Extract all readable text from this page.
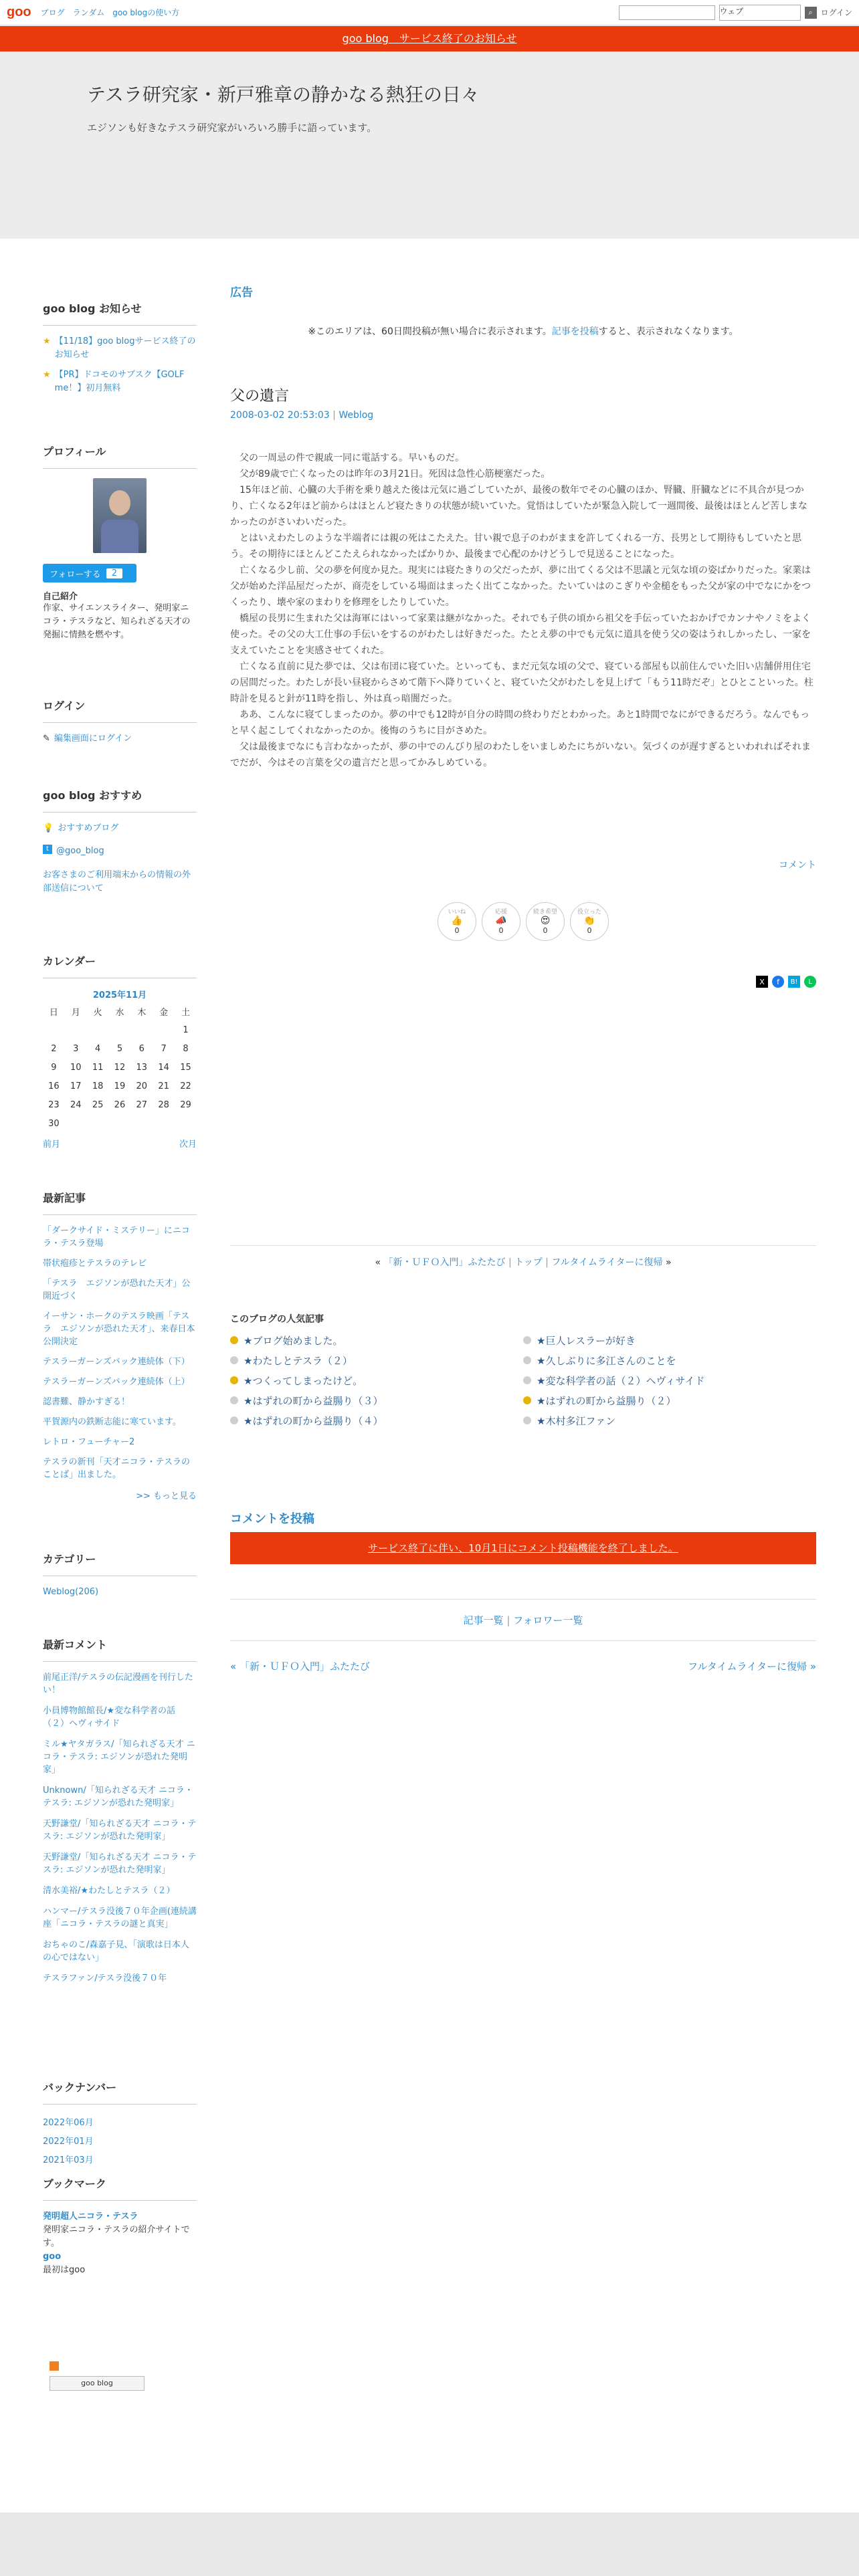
goo ブログ ランダム goo blogの使い方	ウェブ	⌕ ログイン
goo blog　サービス終了のお知らせ
テスラ研究家・新戸雅章の静かなる熱狂の日々

エジソンも好きなテスラ研究家がいろいろ勝手に語っています。

goo blog お知らせ
★ 【11/18】goo blogサービス終了のお知らせ
★ 【PR】ドコモのサブスク【GOLF me！】初月無料
プロフィール
フォローする	2
自己紹介
作家、サイエンスライター、発明家ニコラ・テスラなど、知られざる天才の発掘に情熱を燃やす。
ログイン
✎ 編集画面にログイン
goo blog おすすめ
💡 おすすめブログ
t @goo_blog
お客さまのご利用端末からの情報の外部送信について
カレンダー
2025年11月
日	月	火	水	木	金	土
						1
2	3	4	5	6	7	8
9	10	11	12	13	14	15
16	17	18	19	20	21	22
23	24	25	26	27	28	29
30						
前月	次月
最新記事
「ダークサイド・ミステリー」にニコラ・テスラ登場
帯状疱疹とテスラのテレビ
「テスラ　エジソンが恐れた天才」公開近づく
イーサン・ホークのテスラ映画「テスラ　エジソンが恐れた天才」、来春日本公開決定
テスラーガーンズバック連続体（下）
テスラーガーンズバック連続体（上）
認書難、静かすぎる！
平賀源内の鉄断志能に寒ています。
レトロ・フューチャー2
テスラの新刊「天才ニコラ・テスラのことば」出ました。
>> もっと見る
カテゴリー
Weblog(206)
最新コメント
前尾正洋/テスラの伝記漫画を刊行したい！
小員博物館館長/★変な科学者の話（２）ヘヴィサイド
ミル★ヤタガラス/「知られざる天才 ニコラ・テスラ: エジソンが恐れた発明家」
Unknown/「知られざる天才 ニコラ・テスラ: エジソンが恐れた発明家」
天野謙堂/「知られざる天才 ニコラ・テスラ: エジソンが恐れた発明家」
天野謙堂/「知られざる天才 ニコラ・テスラ: エジソンが恐れた発明家」
清水美裕/★わたしとテスラ（２）
ハンマー/テスラ没後７０年企画(連続講座「ニコラ・テスラの謎と真実」
おちゃのこ/森嘉子見、「演歌は日本人の心ではない」
テスラファン/テスラ没後７０年
バックナンバー
2022年06月
2022年01月
2021年03月
ブックマーク
発明超人ニコラ・テスラ
発明家ニコラ・テスラの紹介サイトです。
goo
最初はgoo
goo blog
広告
※このエリアは、60日間投稿が無い場合に表示されます。記事を投稿すると、表示されなくなります。
父の遺言
2008-03-02 20:53:03 | Weblog

　父の一周忌の件で親戚一同に電話する。早いものだ。

　父が89歳で亡くなったのは昨年の3月21日。死因は急性心筋梗塞だった。

　15年ほど前、心臓の大手術を乗り越えた後は元気に過ごしていたが、最後の数年でその心臓のほか、腎臓、肝臓などに不具合が見つかり、亡くなる2年ほど前からはほとんど寝たきりの状態が続いていた。覚悟はしていたが緊急入院して一週間後、最後はほとんど苦しまなかったのがさいわいだった。

　とはいえわたしのような半端者には親の死はこたえた。甘い親で息子のわがままを許してくれる一方、長男として期待もしていたと思う。その期待にほとんどこたえられなかったばかりか、最後まで心配のかけどうしで見送ることになった。

　亡くなる少し前、父の夢を何度か見た。現実には寝たきりの父だったが、夢に出てくる父は不思議と元気な頃の姿ばかりだった。家業は父が始めた洋品屋だったが、商売をしている場面はまったく出てこなかった。たいていはのこぎりや金槌をもった父が家の中でなにかをつくったり、壊や家のまわりを修理をしたりしていた。

　橋屋の長男に生まれた父は海軍にはいって家業は継がなかった。それでも子供の頃から祖父を手伝っていたおかげでカンナやノミをよく使った。その父の大工仕事の手伝いをするのがわたしは好きだった。たとえ夢の中でも元気に道具を使う父の姿はうれしかったし、一家を支えていたことを実感させてくれた。

　亡くなる直前に見た夢では、父は布団に寝ていた。といっても、まだ元気な頃の父で、寝ている部屋も以前住んでいた旧い店舗併用住宅の居間だった。わたしが長い昼寝からさめて階下へ降りていくと、寝ていた父がわたしを見上げて「もう11時だぞ」とひとこといった。柱時計を見ると針が11時を指し、外は真っ暗闇だった。

　ああ、こんなに寝てしまったのか。夢の中でも12時が自分の時間の終わりだとわかった。あと1時間でなにができるだろう。なんでもっと早く起こしてくれなかったのか。後悔のうちに目がさめた。

　父は最後までなにも言わなかったが、夢の中でのんびり屋のわたしをいましめたにちがいない。気づくのが遅すぎるといわれればそれまでだが、今はその言葉を父の遺言だと思ってかみしめている。

コメント
いいね
👍
0
応援
📣
0
続き希望
😍
0
役立った
👏
0
X	f	B!	L
« 「新・ＵＦＯ入門」ふたたび | トップ | フルタイムライターに復帰 »
このブログの人気記事
★ブログ始めました。	★巨人レスラーが好き
★わたしとテスラ（２）	★久しぶりに多江さんのことを
★つくってしまったけど。	★変な科学者の話（２）ヘヴィサイド
★はずれの町から益腸り（３）	★はずれの町から益腸り（２）
★はずれの町から益腸り（４）	★木村多江ファン
コメントを投稿
サービス終了に伴い、10月1日にコメント投稿機能を終了しました。
記事一覧 | フォロワー一覧
« 「新・ＵＦＯ入門」ふたたび	フルタイムライターに復帰 »
